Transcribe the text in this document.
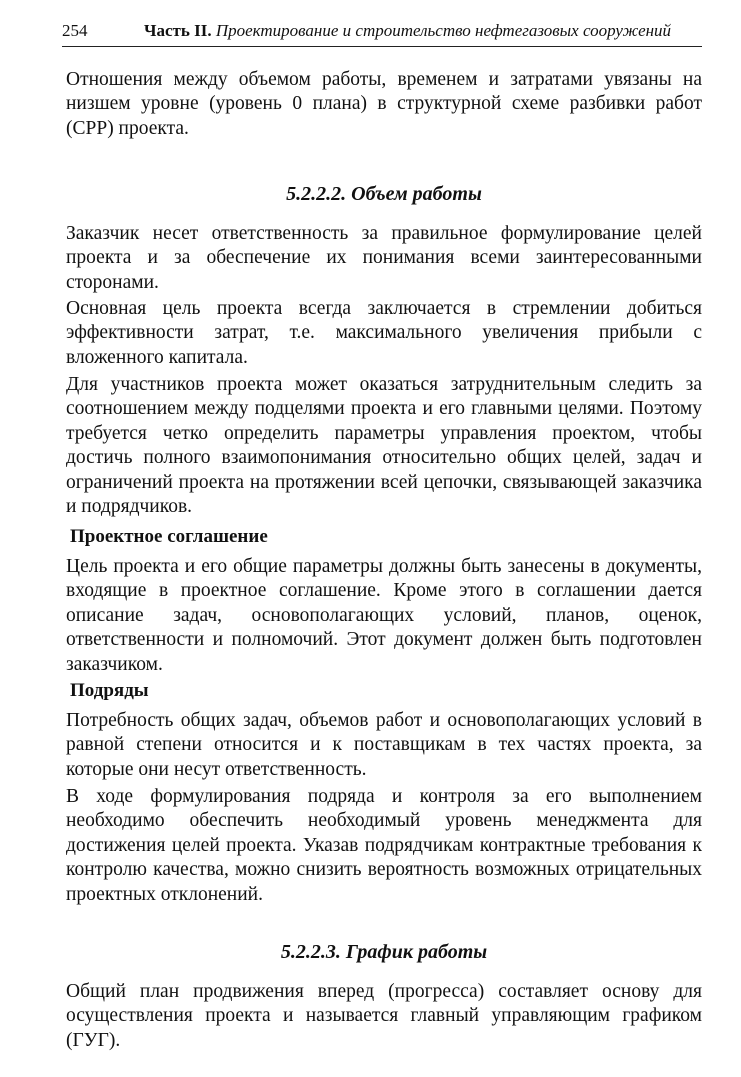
254	Часть II. Проектирование и строительство нефтегазовых сооружений
Отношения между объемом работы, временем и затратами увязаны на низшем уровне (уровень 0 плана) в структурной схеме разбивки работ (СРР) проекта.
5.2.2.2. Объем работы
Заказчик несет ответственность за правильное формулирование целей проекта и за обеспечение их понимания всеми заинтересованными сторонами.
Основная цель проекта всегда заключается в стремлении добиться эффективности затрат, т.е. максимального увеличения прибыли с вложенного капитала.
Для участников проекта может оказаться затруднительным следить за соотношением между подцелями проекта и его главными целями. Поэтому требуется четко определить параметры управления проектом, чтобы достичь полного взаимопонимания относительно общих целей, задач и ограничений проекта на протяжении всей цепочки, связывающей заказчика и подрядчиков.
Проектное соглашение
Цель проекта и его общие параметры должны быть занесены в документы, входящие в проектное соглашение. Кроме этого в соглашении дается описание задач, основополагающих условий, планов, оценок, ответственности и полномочий. Этот документ должен быть подготовлен заказчиком.
Подряды
Потребность общих задач, объемов работ и основополагающих условий в равной степени относится и к поставщикам в тех частях проекта, за которые они несут ответственность.
В ходе формулирования подряда и контроля за его выполнением необходимо обеспечить необходимый уровень менеджмента для достижения целей проекта. Указав подрядчикам контрактные требования к контролю качества, можно снизить вероятность возможных отрицательных проектных отклонений.
5.2.2.3. График работы
Общий план продвижения вперед (прогресса) составляет основу для осуществления проекта и называется главный управляющим графиком (ГУГ).
